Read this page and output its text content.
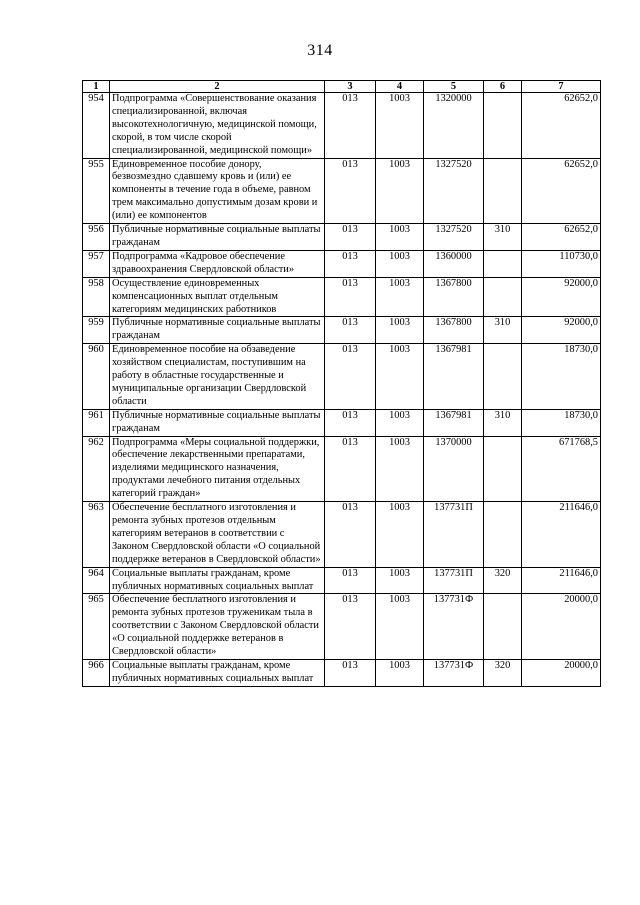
314
1	2	3	4	5	6	7
954	Подпрограмма «Совершенствование оказания специализированной, включая высокотехнологичную, медицинской помощи, скорой, в том числе скорой специализированной, медицинской помощи»	013	1003	1320000		62652,0
955	Единовременное пособие донору, безвозмездно сдавшему кровь и (или) ее компоненты в течение года в объеме, равном трем максимально допустимым дозам крови и (или) ее компонентов	013	1003	1327520		62652,0
956	Публичные нормативные социальные выплаты гражданам	013	1003	1327520	310	62652,0
957	Подпрограмма «Кадровое обеспечение здравоохранения Свердловской области»	013	1003	1360000		110730,0
958	Осуществление единовременных компенсационных выплат отдельным категориям медицинских работников	013	1003	1367800		92000,0
959	Публичные нормативные социальные выплаты гражданам	013	1003	1367800	310	92000,0
960	Единовременное пособие на обзаведение хозяйством специалистам, поступившим на работу в областные государственные и муниципальные организации Свердловской области	013	1003	1367981		18730,0
961	Публичные нормативные социальные выплаты гражданам	013	1003	1367981	310	18730,0
962	Подпрограмма «Меры социальной поддержки, обеспечение лекарственными препаратами, изделиями медицинского назначения, продуктами лечебного питания отдельных категорий граждан»	013	1003	1370000		671768,5
963	Обеспечение бесплатного изготовления и ремонта зубных протезов отдельным категориям ветеранов в соответствии с Законом Свердловской области «О социальной поддержке ветеранов в Свердловской области»	013	1003	137731П		211646,0
964	Социальные выплаты гражданам, кроме публичных нормативных социальных выплат	013	1003	137731П	320	211646,0
965	Обеспечение бесплатного изготовления и ремонта зубных протезов труженикам тыла в соответствии с Законом Свердловской области «О социальной поддержке ветеранов в Свердловской области»	013	1003	137731Ф		20000,0
966	Социальные выплаты гражданам, кроме публичных нормативных социальных выплат	013	1003	137731Ф	320	20000,0
